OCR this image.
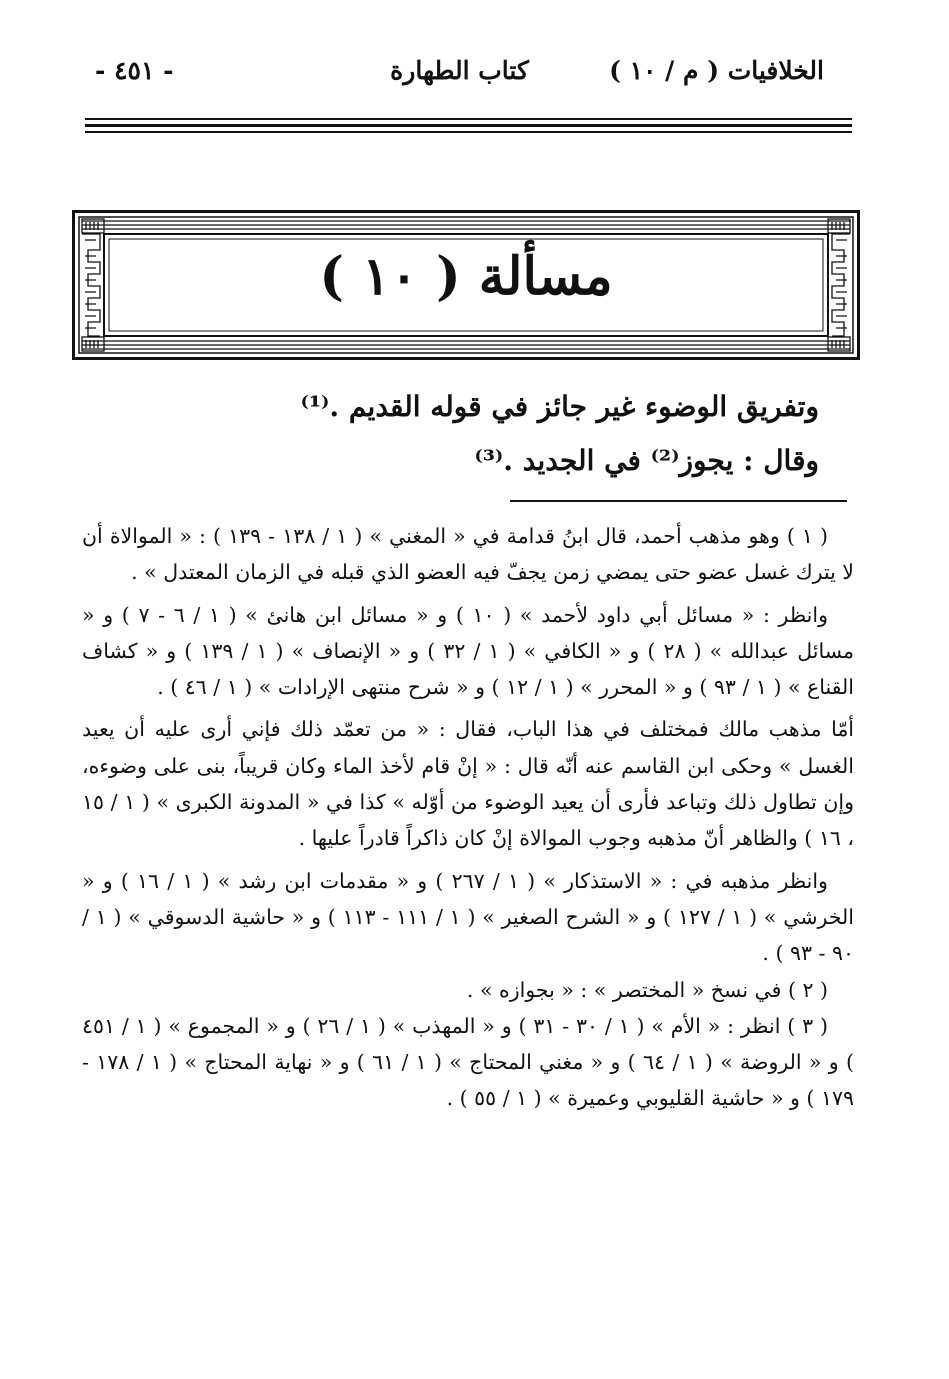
الخلافيات ( م / ١٠ )
كتاب الطهارة
- ٤٥١ -
مسألة ( ١٠ )
وتفريق الوضوء غير جائز في قوله القديم .⁽¹⁾
وقال : يجوز⁽²⁾ في الجديد .⁽³⁾

( ١ ) وهو مذهب أحمد، قال ابنُ قدامة في « المغني » ( ١ / ١٣٨ - ١٣٩ ) : « الموالاة أن لا يترك غسل عضو حتى يمضي زمن يجفّ فيه العضو الذي قبله في الزمان المعتدل » .

وانظر : « مسائل أبي داود لأحمد » ( ١٠ ) و « مسائل ابن هانئ » ( ١ / ٦ - ٧ ) و « مسائل عبدالله » ( ٢٨ ) و « الكافي » ( ١ / ٣٢ ) و « الإنصاف » ( ١ / ١٣٩ ) و « كشاف القناع » ( ١ / ٩٣ ) و « المحرر » ( ١ / ١٢ ) و « شرح منتهى الإرادات » ( ١ / ٤٦ ) .

أمّا مذهب مالك فمختلف في هذا الباب، فقال : « من تعمّد ذلك فإني أرى عليه أن يعيد الغسل » وحكى ابن القاسم عنه أنّه قال : « إنْ قام لأخذ الماء وكان قريباً، بنى على وضوءه، وإن تطاول ذلك وتباعد فأرى أن يعيد الوضوء من أوّله » كذا في « المدونة الكبرى » ( ١ / ١٥ ، ١٦ ) والظاهر أنّ مذهبه وجوب الموالاة إنْ كان ذاكراً قادراً عليها .

وانظر مذهبه في : « الاستذكار » ( ١ / ٢٦٧ ) و « مقدمات ابن رشد » ( ١ / ١٦ ) و « الخرشي » ( ١ / ١٢٧ ) و « الشرح الصغير » ( ١ / ١١١ - ١١٣ ) و « حاشية الدسوقي » ( ١ / ٩٠ - ٩٣ ) .

( ٢ ) في نسخ « المختصر » : « بجوازه » .

( ٣ ) انظر : « الأم » ( ١ / ٣٠ - ٣١ ) و « المهذب » ( ١ / ٢٦ ) و « المجموع » ( ١ / ٤٥١ ) و « الروضة » ( ١ / ٦٤ ) و « مغني المحتاج » ( ١ / ٦١ ) و « نهاية المحتاج » ( ١ / ١٧٨ - ١٧٩ ) و « حاشية القليوبي وعميرة » ( ١ / ٥٥ ) .
